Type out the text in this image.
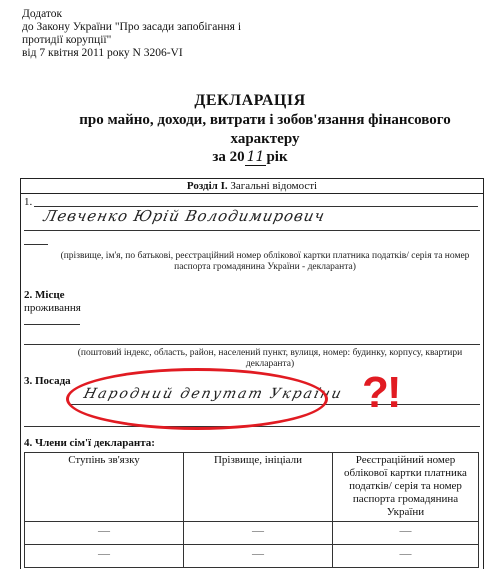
Додаток
до Закону України "Про засади запобігання і
протидії корупції"
від 7 квітня 2011 року N 3206-VI
ДЕКЛАРАЦІЯ
про майно, доходи, витрати і зобов'язання фінансового характеру
за 20 11 рік
Розділ I. Загальні відомості
1.
Левченко Юрій Володимирович
(прізвище, ім'я, по батькові, реєстраційний номер облікової картки платника податків/ серія та номер паспорта громадянина України - декларанта)
2. Місце
проживання
(поштовий індекс, область, район, населений пункт, вулиця, номер: будинку, корпусу, квартири декларанта)
3. Посада
Народний депутат України ?!
4. Члени сім'ї декларанта:
Ступінь зв'язку	Прізвище, ініціали	Реєстраційний номер облікової картки платника податків/ серія та номер паспорта громадянина України
—	—	—
—	—	—
